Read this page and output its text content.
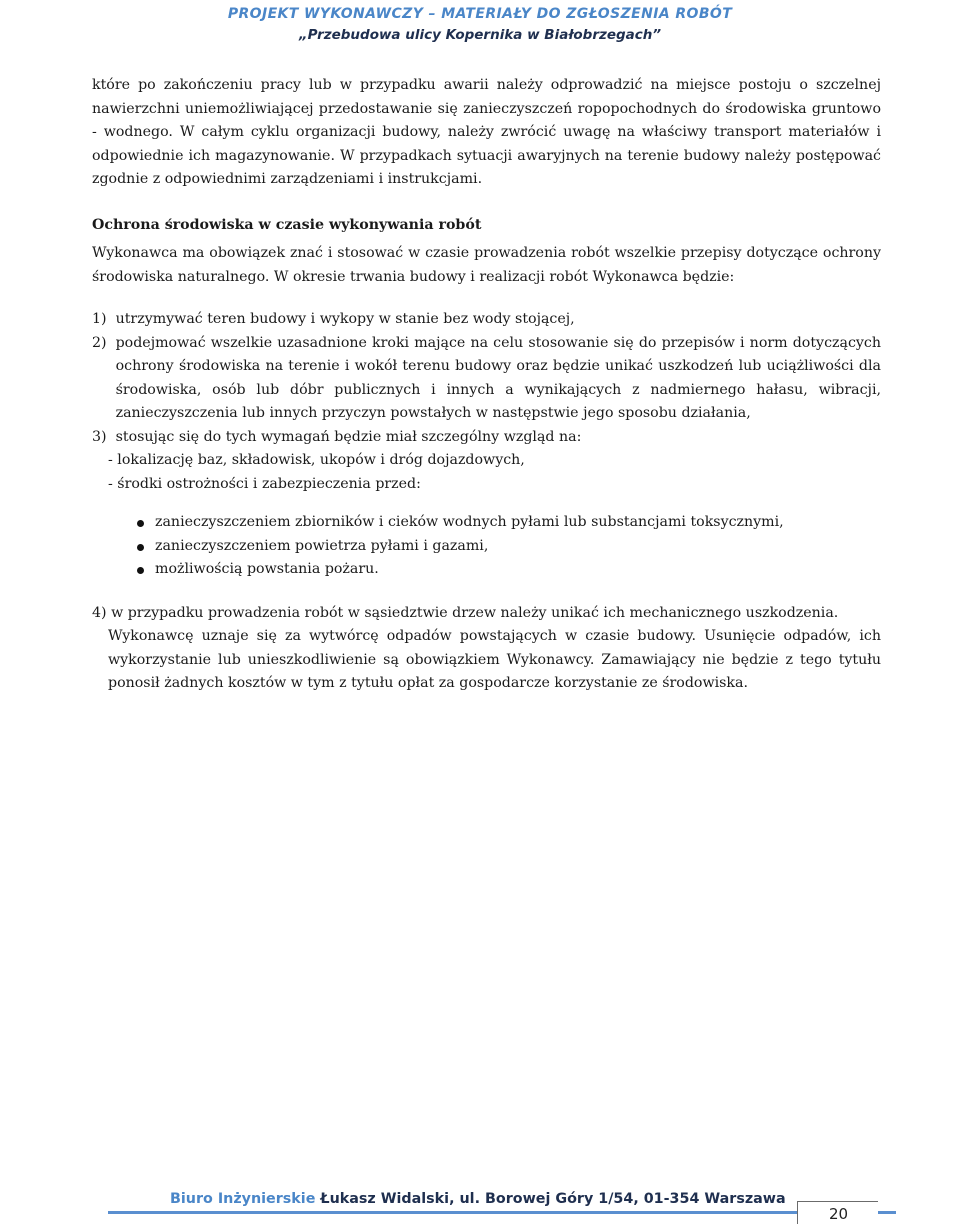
PROJEKT WYKONAWCZY – MATERIAŁY DO ZGŁOSZENIA ROBÓT
„Przebudowa ulicy Kopernika w Białobrzegach”

które po zakończeniu pracy lub w przypadku awarii należy odprowadzić na miejsce postoju o szczelnej nawierzchni uniemożliwiającej przedostawanie się zanieczyszczeń ropopochodnych do środowiska gruntowo - wodnego. W całym cyklu organizacji budowy, należy zwrócić uwagę na właściwy transport materiałów i odpowiednie ich magazynowanie. W przypadkach sytuacji awaryjnych na terenie budowy należy postępować zgodnie z odpowiednimi zarządzeniami i instrukcjami.

Ochrona środowiska w czasie wykonywania robót

Wykonawca ma obowiązek znać i stosować w czasie prowadzenia robót wszelkie przepisy dotyczące ochrony środowiska naturalnego. W okresie trwania budowy i realizacji robót Wykonawca będzie:

1) utrzymywać teren budowy i wykopy w stanie bez wody stojącej,
2) podejmować wszelkie uzasadnione kroki mające na celu stosowanie się do przepisów i norm dotyczących ochrony środowiska na terenie i wokół terenu budowy oraz będzie unikać uszkodzeń lub uciążliwości dla środowiska, osób lub dóbr publicznych i innych a wynikających z nadmiernego hałasu, wibracji, zanieczyszczenia lub innych przyczyn powstałych w następstwie jego sposobu działania,
3) stosując się do tych wymagań będzie miał szczególny wzgląd na:
- lokalizację baz, składowisk, ukopów i dróg dojazdowych,
- środki ostrożności i zabezpieczenia przed:
zanieczyszczeniem zbiorników i cieków wodnych pyłami lub substancjami toksycznymi,
zanieczyszczeniem powietrza pyłami i gazami,
możliwością powstania pożaru.
4) w przypadku prowadzenia robót w sąsiedztwie drzew należy unikać ich mechanicznego uszkodzenia.
Wykonawcę uznaje się za wytwórcę odpadów powstających w czasie budowy. Usunięcie odpadów, ich wykorzystanie lub unieszkodliwienie są obowiązkiem Wykonawcy. Zamawiający nie będzie z tego tytułu ponosił żadnych kosztów w tym z tytułu opłat za gospodarcze korzystanie ze środowiska.
Biuro Inżynierskie Łukasz Widalski, ul. Borowej Góry 1/54, 01-354 Warszawa
20
